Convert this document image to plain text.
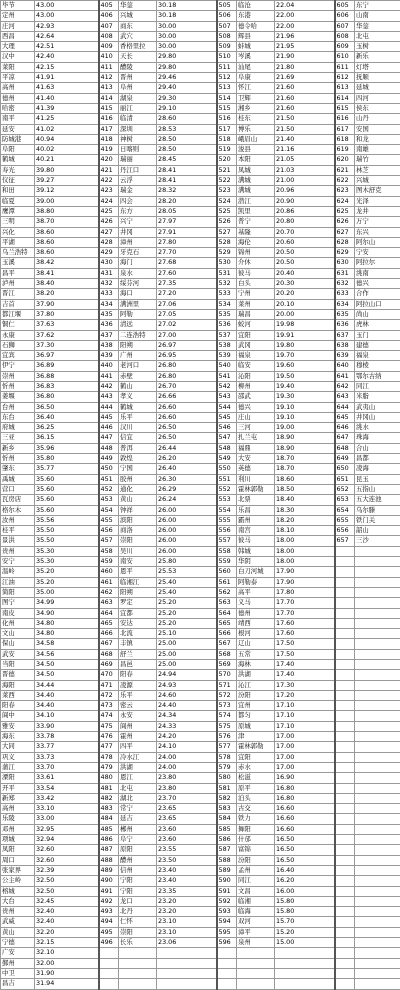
毕节	43.00	405	华蓥	30.18	505	临沧	22.04	605	东宁
定州	43.00	406	兴城	30.18	506	东港	22.00	606	山南
庄河	42.93	407	商东	30.00	507	德令哈	22.00	607	华蓥
西昌	42.64	408	武穴	30.00	508	辉县	21.96	608	北屯
大理	42.51	409	香格里拉	30.00	509	蚌城	21.95	609	玉树
汉中	42.40	410	天长	29.80	510	岑溪	21.90	610	新乐
莱阳	42.15	411	醴陵	29.80	511	汕尾	21.80	611	灯塔
平凉	41.91	412	晋州	29.46	512	阜康	21.69	612	抚顺
高州	41.63	413	阜州	29.40	513	怀江	21.60	613	延城
德州	41.40	414	湖泉	29.30	514	卫辉	21.60	614	四河
哈密	41.39	415	丽江	29.10	515	湘乡	21.60	615	侯东
南平	41.25	416	临清	28.60	516	桂东	21.50	616	山丹
延安	41.02	417	深圳	28.53	517	博乐	21.50	617	安国
防城港	40.94	418	神树	28.50	518	峨眉山	21.40	618	和龙
阜阳	40.02	419	日喀则	28.50	519	浚县	21.16	619	南雄
鹤城	40.21	420	瑞丽	28.45	520	本阳	21.05	620	瑞竹
寿光	39.80	421	丹江口	28.41	521	凤城	21.03	621	林芝
仪征	39.27	422	云浮	28.41	522	满城	21.00	622	兴城
和田	39.12	423	瑞金	28.32	523	满城	20.96	623	图木舒克
临夏	39.00	424	四会	28.20	524	潜江	20.90	624	光泽
鹰潭	38.80	425	东方	28.05	525	凯里	20.86	625	龙井
三明	38.70	426	兴宁	27.97	526	普宁	20.80	626	万宁
兴化	38.60	427	井冈	27.91	527	基隆	20.70	627	东兴
平湖	38.60	428	漳州	27.80	528	海伦	20.60	628	阿尔山
乌兰浩特	38.60	429	牙克石	27.70	529	锦州	20.50	629	宁安
玉溪	38.42	430	海门	27.68	530	介休	20.50	630	阿拉尔
昌平	38.41	431	泉水	27.60	531	彼马	20.40	631	洮南
泸州	38.40	432	绥芬河	27.35	532	白头	20.30	632	德兴
晋江	38.20	433	海口	27.20	533	宁州	20.20	633	合作
吉首	37.90	434	满洲里	27.06	534	莱州	20.10	634	阿拉山口
都江堰	37.80	435	阿勒	27.05	535	瑞昌	20.00	635	尚山
铜仁	37.63	436	清远	27.02	536	蛟河	19.98	636	虎林
永康	37.62	437	二连浩特	27.00	537	宜阳	19.91	637	玉门
石狮	37.30	438	阳朔	26.97	538	武冈	19.80	638	建德
宜宾	36.97	439	广州	26.95	539	福泉	19.70	639	福泉
伊宁	36.89	440	老河口	26.80	540	临安	19.60	640	穆棱
崇州	36.88	441	赤壁	26.80	541	沁阳	19.50	641	鄂尔古纳
忻州	36.83	442	鹤山	26.70	542	柳州	19.40	642	同江
姜堰	36.80	443	孝义	26.66	543	邵武	19.30	643	米脂
台州	36.50	444	鹤城	26.60	544	德兴	19.10	644	武夷山
东台	36.40	445	乐平	26.60	545	庄山	19.10	645	井冈山
府城	36.25	446	汉川	26.50	546	三河	19.00	646	洮水
三亚	36.15	447	信宜	26.50	547	扎兰屯	18.90	647	珠海
新乡	35.96	448	普洱	26.44	548	福鼎	18.90	648	合山
忻州	35.80	449	敦煌	26.20	549	大安	18.70	649	昌都
肇东	35.77	450	宁国	26.40	550	英德	18.70	650	凌海
禹城	35.60	451	胶州	26.30	551	利川	18.60	651	昆玉
营口	35.60	452	通化	26.29	552	霍林郭勒	18.50	652	五指山
瓦房店	35.60	453	黄山	26.24	553	北票	18.40	653	五大连池
格尔木	35.60	454	钟祥	26.00	554	乐昌	18.30	654	乌尔滕
汝州	35.56	455	滨阳	26.00	555	霸州	18.20	655	铁门关
桂平	35.50	456	商洛	26.00	556	南宫	18.10	656	韶山
景洪	35.50	457	崇阳	26.00	557	彼马	18.00	657	三沙
贵州	35.30	458	吴川	26.00	558	韩城	18.00		
安宁	35.30	459	南安	25.80	559	华阴	18.00		
温岭	35.20	460	恩平	25.53	560	白刀河城	17.90		
江油	35.20	461	临湘江	25.40	561	阿勒泰	17.90		
简阳	35.00	462	阳朔	25.40	562	高平	17.80		
图宁	34.99	463	罗定	25.20	563	义马	17.70		
南皮	34.90	464	宜都	25.20	564	德州	17.70		
化州	34.80	465	安达	25.20	565	靖西	17.60		
文山	34.80	466	北流	25.10	566	根河	17.60		
保山	34.58	467	丰镇	25.00	567	辽山	17.50		
武安	34.56	468	舒兰	25.00	568	五常	17.50		
当阳	34.50	469	昌邑	25.00	569	海林	17.40		
晋德	34.50	470	阳春	24.94	570	洪湖	17.40		
海阳	34.44	471	凌源	24.93	571	沁江	17.30		
莱西	34.40	472	乐平	24.60	572	汾阳	17.20		
阳春	34.40	473	密云	24.40	573	宜州	17.10		
阆中	34.10	474	永安	24.34	574	都匀	17.10		
雅安	33.90	475	阆州	24.33	575	原城	17.10		
海东	33.78	476	霍州	24.20	576	津	17.00		
大同	33.77	477	四平	24.10	577	霍林郭勒	17.00		
巩义	33.73	478	冷水江	24.00	578	宜阳	17.00		
蒲江	33.70	479	洪湖	24.00	579	赤水	17.00		
溧阳	33.61	480	恩江	23.80	580	松滋	16.90		
开平	33.54	481	北屯	23.80	581	原平	16.80		
新郑	33.42	482	湖北	23.70	582	泊头	16.80		
高州	33.10	483	常宁	23.65	583	古交	16.60		
乐陵	33.00	484	延吉	23.65	584	铁力	16.60		
邓州	32.95	485	郴州	23.60	585	舞阳	16.60		
项城	32.94	486	阜宁	23.60	586	什邡	16.50		
凤阳	32.60	487	原阳	23.55	587	富锦	16.50		
周口	32.60	488	醴州	23.50	588	汾阳	16.50		
张家界	32.39	489	信州	23.40	589	孟州	16.40		
公主岭	32.50	490	宁阳	23.40	590	同江	16.20		
榕城	32.50	491	宁阳	23.35	591	文昌	16.00		
大台	32.45	492	龙口	23.20	592	临湘	15.80		
贵州	32.40	493	北丹	23.20	593	临海	15.80		
武威	32.40	494	仁怀	23.10	594	双河	15.70		
黄山	32.20	495	崇阳	23.10	595	漳平	15.20		
宁德	32.15	496	长乐	23.06	596	泉州	15.00		
广安	32.10								
鄞州	32.00								
中卫	31.90								
昌吉	31.94								
